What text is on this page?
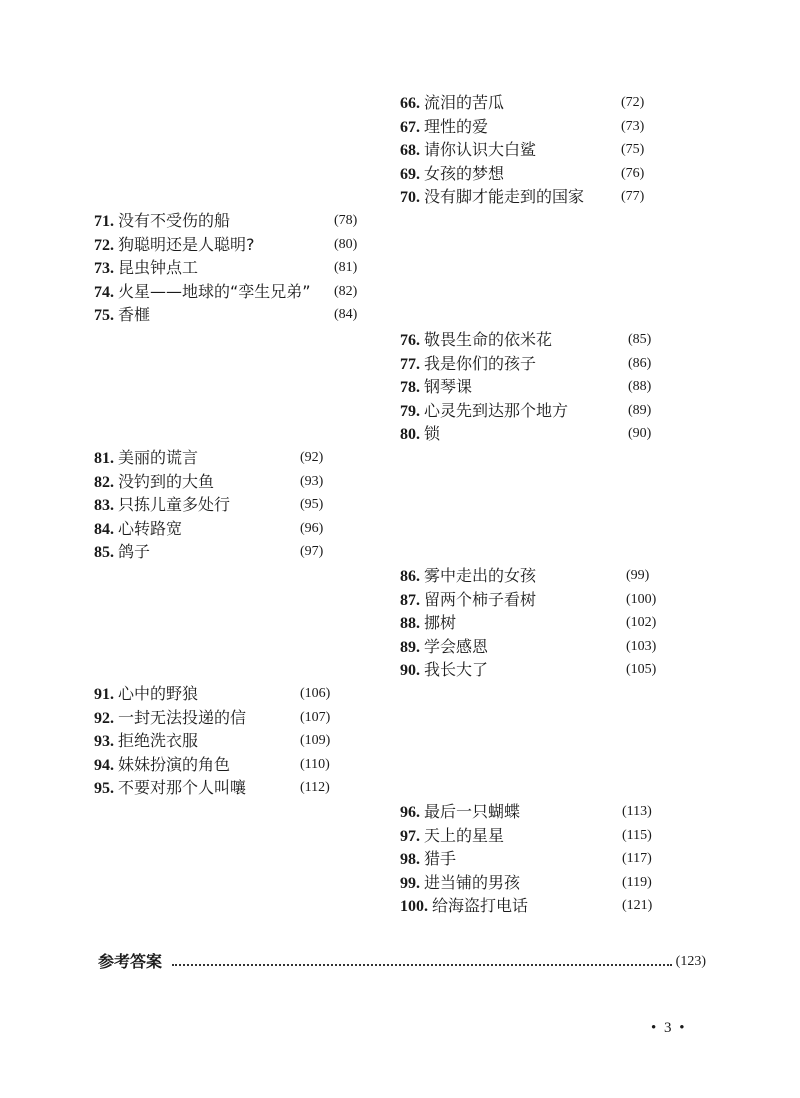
66. 流泪的苦瓜	(72)
67. 理性的爱	(73)
68. 请你认识大白鲨	(75)
69. 女孩的梦想	(76)
70. 没有脚才能走到的国家	(77)
71. 没有不受伤的船	(78)
72. 狗聪明还是人聪明?	(80)
73. 昆虫钟点工	(81)
74. 火星——地球的“孪生兄弟” (82)
75. 香榧	(84)
76. 敬畏生命的依米花	(85)
77. 我是你们的孩子	(86)
78. 钢琴课	(88)
79. 心灵先到达那个地方	(89)
80. 锁	(90)
81. 美丽的谎言	(92)
82. 没钓到的大鱼	(93)
83. 只拣儿童多处行	(95)
84. 心转路宽	(96)
85. 鸽子	(97)
86. 雾中走出的女孩	(99)
87. 留两个柿子看树	(100)
88. 挪树	(102)
89. 学会感恩	(103)
90. 我长大了	(105)
91. 心中的野狼	(106)
92. 一封无法投递的信	(107)
93. 拒绝洗衣服	(109)
94. 妹妹扮演的角色	(110)
95. 不要对那个人叫嚷	(112)
96. 最后一只蝴蝶	(113)
97. 天上的星星	(115)
98. 猎手	(117)
99. 进当铺的男孩	(119)
100. 给海盗打电话	(121)
参考答案	(123)
• 3 •
